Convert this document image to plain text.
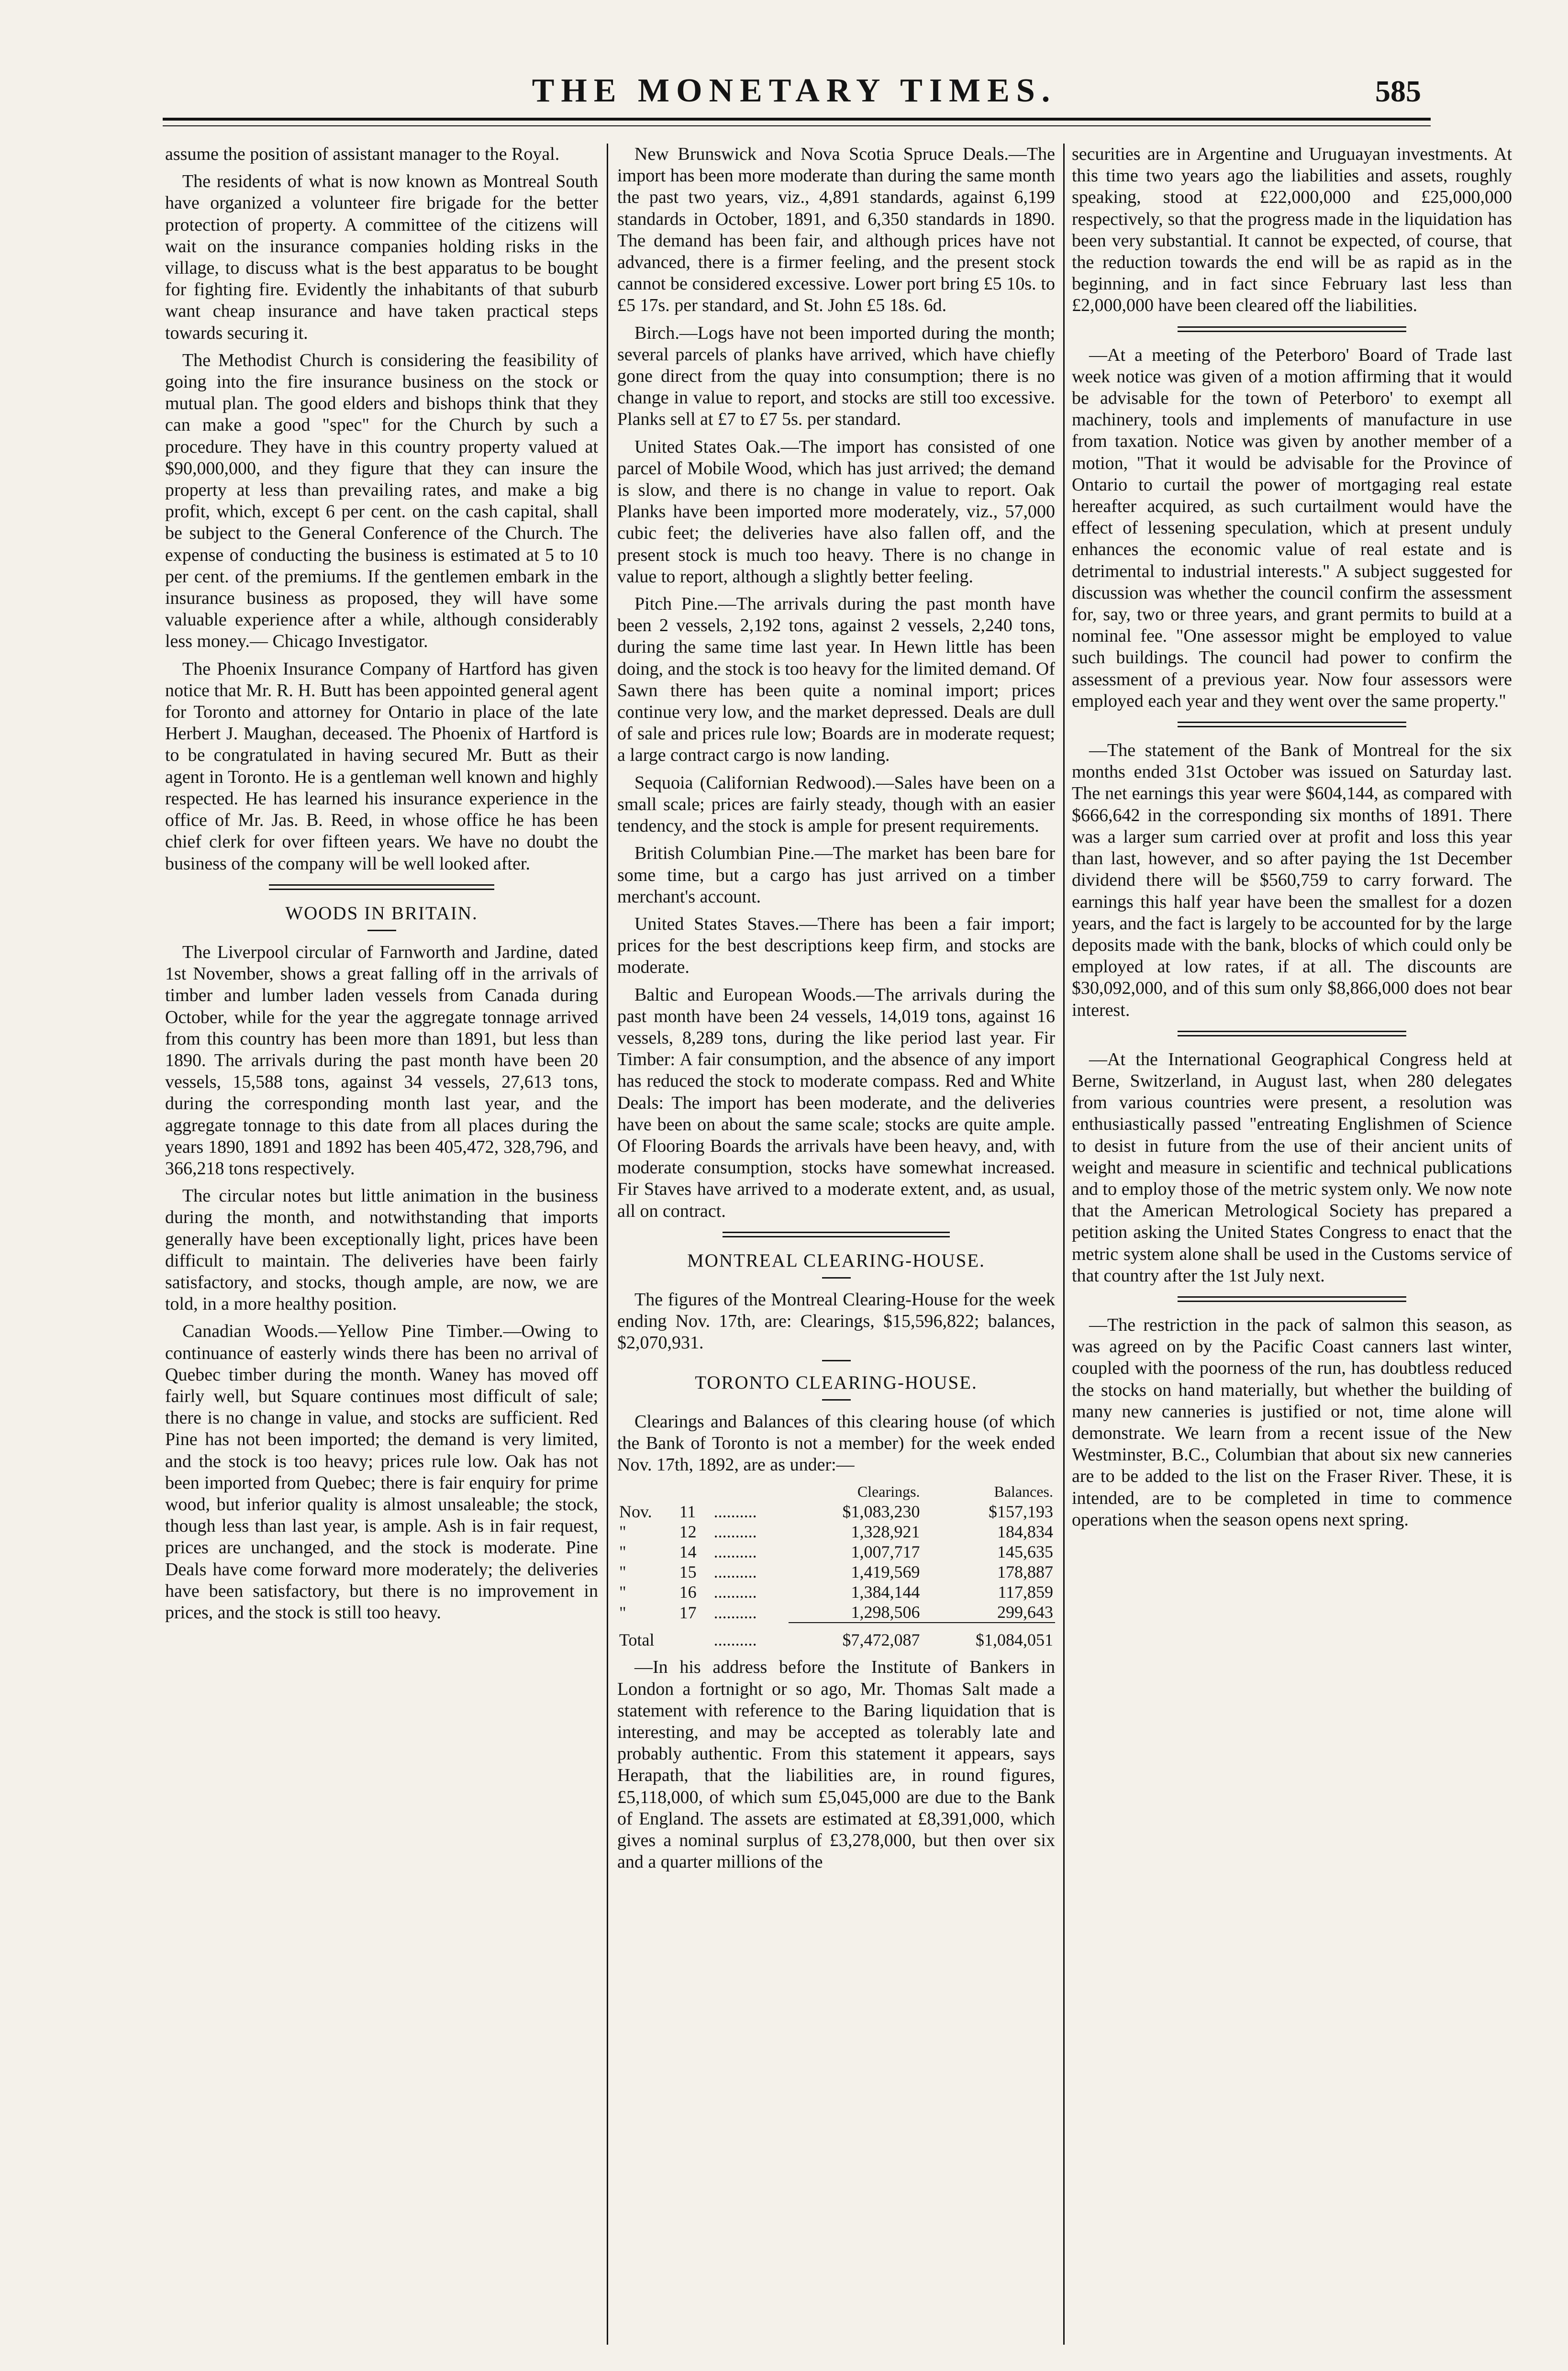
THE MONETARY TIMES.	585

assume the position of assistant manager to the Royal.

The residents of what is now known as Montreal South have organized a volunteer fire brigade for the better protection of property. A committee of the citizens will wait on the insurance companies holding risks in the village, to discuss what is the best apparatus to be bought for fighting fire. Evidently the inhabitants of that suburb want cheap insurance and have taken practical steps towards securing it.

The Methodist Church is considering the feasibility of going into the fire insurance business on the stock or mutual plan. The good elders and bishops think that they can make a good "spec" for the Church by such a procedure. They have in this country property valued at $90,000,000, and they figure that they can insure the property at less than prevailing rates, and make a big profit, which, except 6 per cent. on the cash capital, shall be subject to the General Conference of the Church. The expense of conducting the business is estimated at 5 to 10 per cent. of the premiums. If the gentlemen embark in the insurance business as proposed, they will have some valuable experience after a while, although considerably less money.— Chicago Investigator.

The Phoenix Insurance Company of Hartford has given notice that Mr. R. H. Butt has been appointed general agent for Toronto and attorney for Ontario in place of the late Herbert J. Maughan, deceased. The Phoenix of Hartford is to be congratulated in having secured Mr. Butt as their agent in Toronto. He is a gentleman well known and highly respected. He has learned his insurance experience in the office of Mr. Jas. B. Reed, in whose office he has been chief clerk for over fifteen years. We have no doubt the business of the company will be well looked after.

WOODS IN BRITAIN.

The Liverpool circular of Farnworth and Jardine, dated 1st November, shows a great falling off in the arrivals of timber and lumber laden vessels from Canada during October, while for the year the aggregate tonnage arrived from this country has been more than 1891, but less than 1890. The arrivals during the past month have been 20 vessels, 15,588 tons, against 34 vessels, 27,613 tons, during the corresponding month last year, and the aggregate tonnage to this date from all places during the years 1890, 1891 and 1892 has been 405,472, 328,796, and 366,218 tons respectively.

The circular notes but little animation in the business during the month, and notwithstanding that imports generally have been exceptionally light, prices have been difficult to maintain. The deliveries have been fairly satisfactory, and stocks, though ample, are now, we are told, in a more healthy position.

Canadian Woods.—Yellow Pine Timber.—Owing to continuance of easterly winds there has been no arrival of Quebec timber during the month. Waney has moved off fairly well, but Square continues most difficult of sale; there is no change in value, and stocks are sufficient. Red Pine has not been imported; the demand is very limited, and the stock is too heavy; prices rule low. Oak has not been imported from Quebec; there is fair enquiry for prime wood, but inferior quality is almost unsaleable; the stock, though less than last year, is ample. Ash is in fair request, prices are unchanged, and the stock is moderate. Pine Deals have come forward more moderately; the deliveries have been satisfactory, but there is no improvement in prices, and the stock is still too heavy.

New Brunswick and Nova Scotia Spruce Deals.—The import has been more moderate than during the same month the past two years, viz., 4,891 standards, against 6,199 standards in October, 1891, and 6,350 standards in 1890. The demand has been fair, and although prices have not advanced, there is a firmer feeling, and the present stock cannot be considered excessive. Lower port bring £5 10s. to £5 17s. per standard, and St. John £5 18s. 6d.

Birch.—Logs have not been imported during the month; several parcels of planks have arrived, which have chiefly gone direct from the quay into consumption; there is no change in value to report, and stocks are still too excessive. Planks sell at £7 to £7 5s. per standard.

United States Oak.—The import has consisted of one parcel of Mobile Wood, which has just arrived; the demand is slow, and there is no change in value to report. Oak Planks have been imported more moderately, viz., 57,000 cubic feet; the deliveries have also fallen off, and the present stock is much too heavy. There is no change in value to report, although a slightly better feeling.

Pitch Pine.—The arrivals during the past month have been 2 vessels, 2,192 tons, against 2 vessels, 2,240 tons, during the same time last year. In Hewn little has been doing, and the stock is too heavy for the limited demand. Of Sawn there has been quite a nominal import; prices continue very low, and the market depressed. Deals are dull of sale and prices rule low; Boards are in moderate request; a large contract cargo is now landing.

Sequoia (Californian Redwood).—Sales have been on a small scale; prices are fairly steady, though with an easier tendency, and the stock is ample for present requirements.

British Columbian Pine.—The market has been bare for some time, but a cargo has just arrived on a timber merchant's account.

United States Staves.—There has been a fair import; prices for the best descriptions keep firm, and stocks are moderate.

Baltic and European Woods.—The arrivals during the past month have been 24 vessels, 14,019 tons, against 16 vessels, 8,289 tons, during the like period last year. Fir Timber: A fair consumption, and the absence of any import has reduced the stock to moderate compass. Red and White Deals: The import has been moderate, and the deliveries have been on about the same scale; stocks are quite ample. Of Flooring Boards the arrivals have been heavy, and, with moderate consumption, stocks have somewhat increased. Fir Staves have arrived to a moderate extent, and, as usual, all on contract.

MONTREAL CLEARING-HOUSE.

The figures of the Montreal Clearing-House for the week ending Nov. 17th, are: Clearings, $15,596,822; balances, $2,070,931.

TORONTO CLEARING-HOUSE.

Clearings and Balances of this clearing house (of which the Bank of Toronto is not a member) for the week ended Nov. 17th, 1892, are as under:—

			Clearings.	Balances.
Nov.	11	..........	$1,083,230	$157,193
"	12	..........	1,328,921	184,834
"	14	..........	1,007,717	145,635
"	15	..........	1,419,569	178,887
"	16	..........	1,384,144	117,859
"	17	..........	1,298,506	299,643
Total		..........	$7,472,087	$1,084,051

—In his address before the Institute of Bankers in London a fortnight or so ago, Mr. Thomas Salt made a statement with reference to the Baring liquidation that is interesting, and may be accepted as tolerably late and probably authentic. From this statement it appears, says Herapath, that the liabilities are, in round figures, £5,118,000, of which sum £5,045,000 are due to the Bank of England. The assets are estimated at £8,391,000, which gives a nominal surplus of £3,278,000, but then over six and a quarter millions of the

securities are in Argentine and Uruguayan investments. At this time two years ago the liabilities and assets, roughly speaking, stood at £22,000,000 and £25,000,000 respectively, so that the progress made in the liquidation has been very substantial. It cannot be expected, of course, that the reduction towards the end will be as rapid as in the beginning, and in fact since February last less than £2,000,000 have been cleared off the liabilities.

—At a meeting of the Peterboro' Board of Trade last week notice was given of a motion affirming that it would be advisable for the town of Peterboro' to exempt all machinery, tools and implements of manufacture in use from taxation. Notice was given by another member of a motion, "That it would be advisable for the Province of Ontario to curtail the power of mortgaging real estate hereafter acquired, as such curtailment would have the effect of lessening speculation, which at present unduly enhances the economic value of real estate and is detrimental to industrial interests." A subject suggested for discussion was whether the council confirm the assessment for, say, two or three years, and grant permits to build at a nominal fee. "One assessor might be employed to value such buildings. The council had power to confirm the assessment of a previous year. Now four assessors were employed each year and they went over the same property."

—The statement of the Bank of Montreal for the six months ended 31st October was issued on Saturday last. The net earnings this year were $604,144, as compared with $666,642 in the corresponding six months of 1891. There was a larger sum carried over at profit and loss this year than last, however, and so after paying the 1st December dividend there will be $560,759 to carry forward. The earnings this half year have been the smallest for a dozen years, and the fact is largely to be accounted for by the large deposits made with the bank, blocks of which could only be employed at low rates, if at all. The discounts are $30,092,000, and of this sum only $8,866,000 does not bear interest.

—At the International Geographical Congress held at Berne, Switzerland, in August last, when 280 delegates from various countries were present, a resolution was enthusiastically passed "entreating Englishmen of Science to desist in future from the use of their ancient units of weight and measure in scientific and technical publications and to employ those of the metric system only. We now note that the American Metrological Society has prepared a petition asking the United States Congress to enact that the metric system alone shall be used in the Customs service of that country after the 1st July next.

—The restriction in the pack of salmon this season, as was agreed on by the Pacific Coast canners last winter, coupled with the poorness of the run, has doubtless reduced the stocks on hand materially, but whether the building of many new canneries is justified or not, time alone will demonstrate. We learn from a recent issue of the New Westminster, B.C., Columbian that about six new canneries are to be added to the list on the Fraser River. These, it is intended, are to be completed in time to commence operations when the season opens next spring.
